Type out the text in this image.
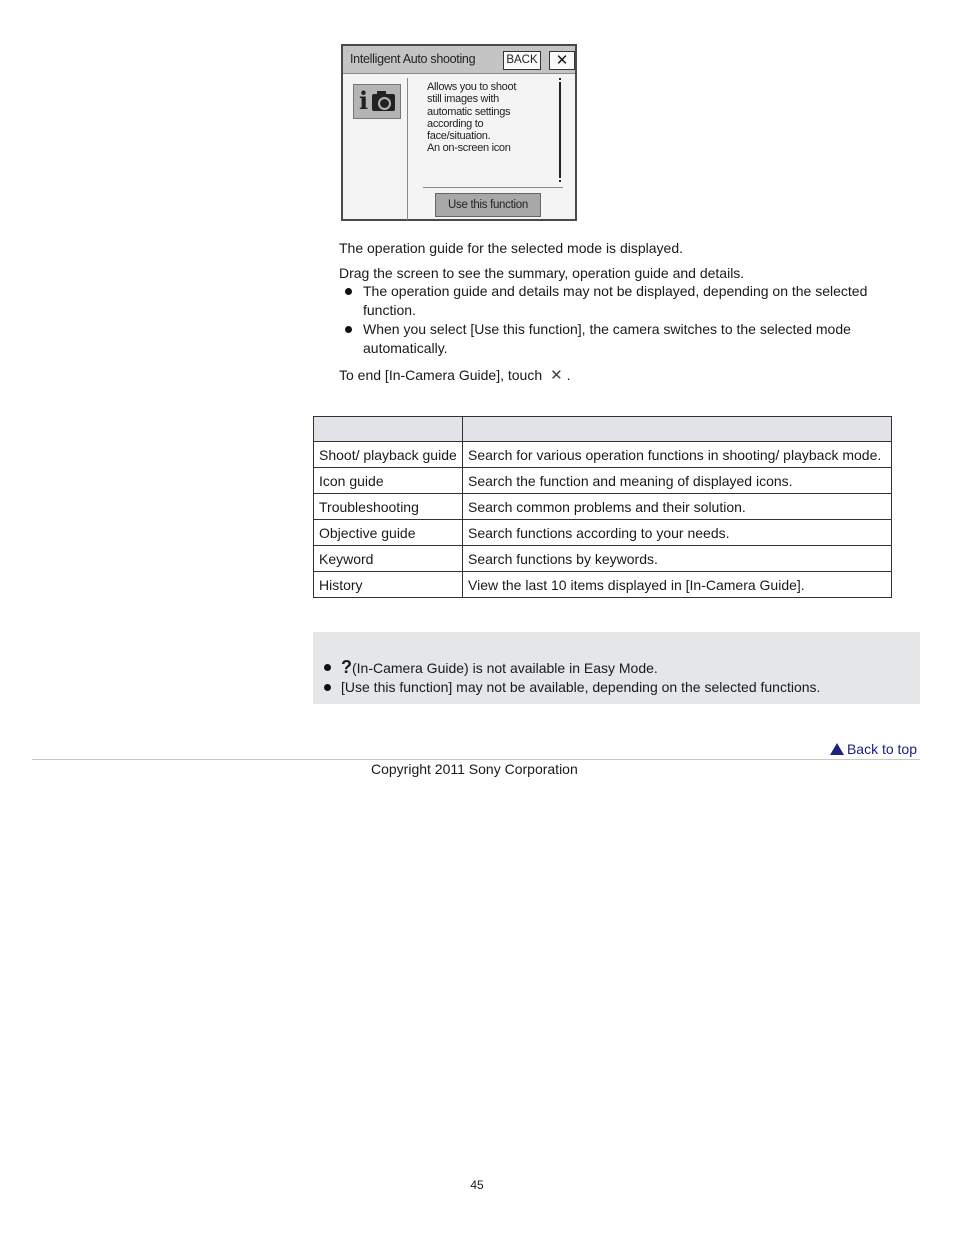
Intelligent Auto shooting	BACK	✕
i	Allows you to shoot
still images with
automatic settings
according to
face/situation.
An on-screen icon
Use this function
The operation guide for the selected mode is displayed.
Drag the screen to see the summary, operation guide and details.
The operation guide and details may not be displayed, depending on the selected function.
When you select [Use this function], the camera switches to the selected mode automatically.
To end [In-Camera Guide], touch ✕ .

Shoot/ playback guide	Search for various operation functions in shooting/ playback mode.
Icon guide	Search the function and meaning of displayed icons.
Troubleshooting	Search common problems and their solution.
Objective guide	Search functions according to your needs.
Keyword	Search functions by keywords.
History	View the last 10 items displayed in [In-Camera Guide].
?(In-Camera Guide) is not available in Easy Mode.
[Use this function] may not be available, depending on the selected functions.
Back to top
Copyright 2011 Sony Corporation
45
